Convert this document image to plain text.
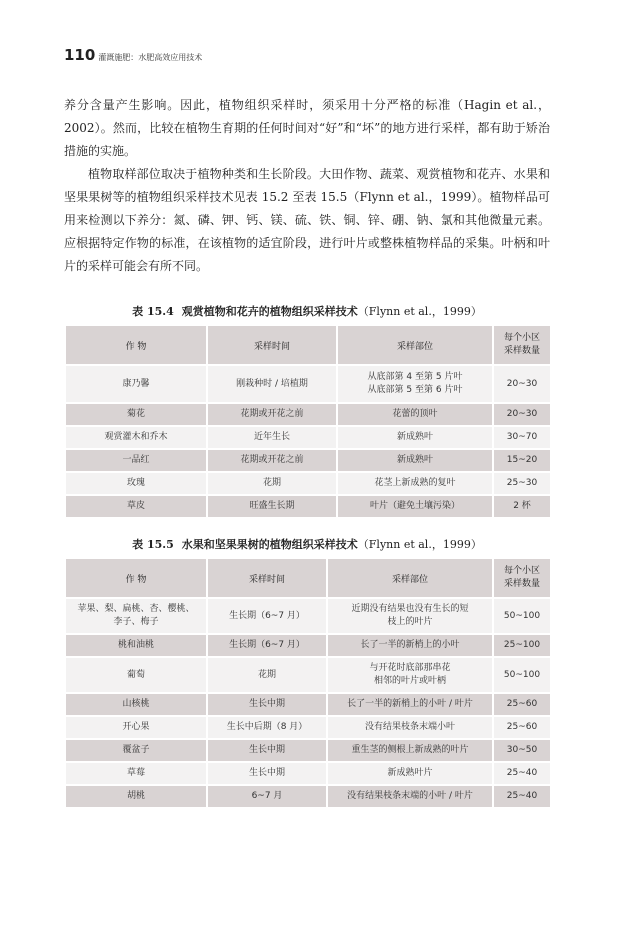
110 灌溉施肥：水肥高效应用技术

养分含量产生影响。因此，植物组织采样时，须采用十分严格的标准（Hagin et al.，2002）。然而，比较在植物生育期的任何时间对“好”和“坏”的地方进行采样，都有助于矫治措施的实施。

植物取样部位取决于植物种类和生长阶段。大田作物、蔬菜、观赏植物和花卉、水果和坚果果树等的植物组织采样技术见表 15.2 至表 15.5（Flynn et al.，1999）。植物样品可用来检测以下养分：氮、磷、钾、钙、镁、硫、铁、铜、锌、硼、钠、氯和其他微量元素。应根据特定作物的标准，在该植物的适宜阶段，进行叶片或整株植物样品的采集。叶柄和叶片的采样可能会有所不同。

表 15.4 观赏植物和花卉的植物组织采样技术（Flynn et al.，1999）
作 物	采样时间	采样部位	每个小区
采样数量
康乃馨	刚栽种时 / 培植期	从底部第 4 至第 5 片叶
从底部第 5 至第 6 片叶	20~30
菊花	花期或开花之前	花蕾的顶叶	20~30
观赏灌木和乔木	近年生长	新成熟叶	30~70
一品红	花期或开花之前	新成熟叶	15~20
玫瑰	花期	花茎上新成熟的复叶	25~30
草皮	旺盛生长期	叶片（避免土壤污染）	2 杯
表 15.5 水果和坚果果树的植物组织采样技术（Flynn et al.，1999）
作 物	采样时间	采样部位	每个小区
采样数量
苹果、梨、扁桃、杏、樱桃、
李子、梅子	生长期（6~7 月）	近期没有结果也没有生长的短
枝上的叶片	50~100
桃和油桃	生长期（6~7 月）	长了一半的新梢上的小叶	25~100
葡萄	花期	与开花时底部那串花
相邻的叶片或叶柄	50~100
山核桃	生长中期	长了一半的新梢上的小叶 / 叶片	25~60
开心果	生长中后期（8 月）	没有结果枝条末端小叶	25~60
覆盆子	生长中期	重生茎的侧根上新成熟的叶片	30~50
草莓	生长中期	新成熟叶片	25~40
胡桃	6~7 月	没有结果枝条末端的小叶 / 叶片	25~40
